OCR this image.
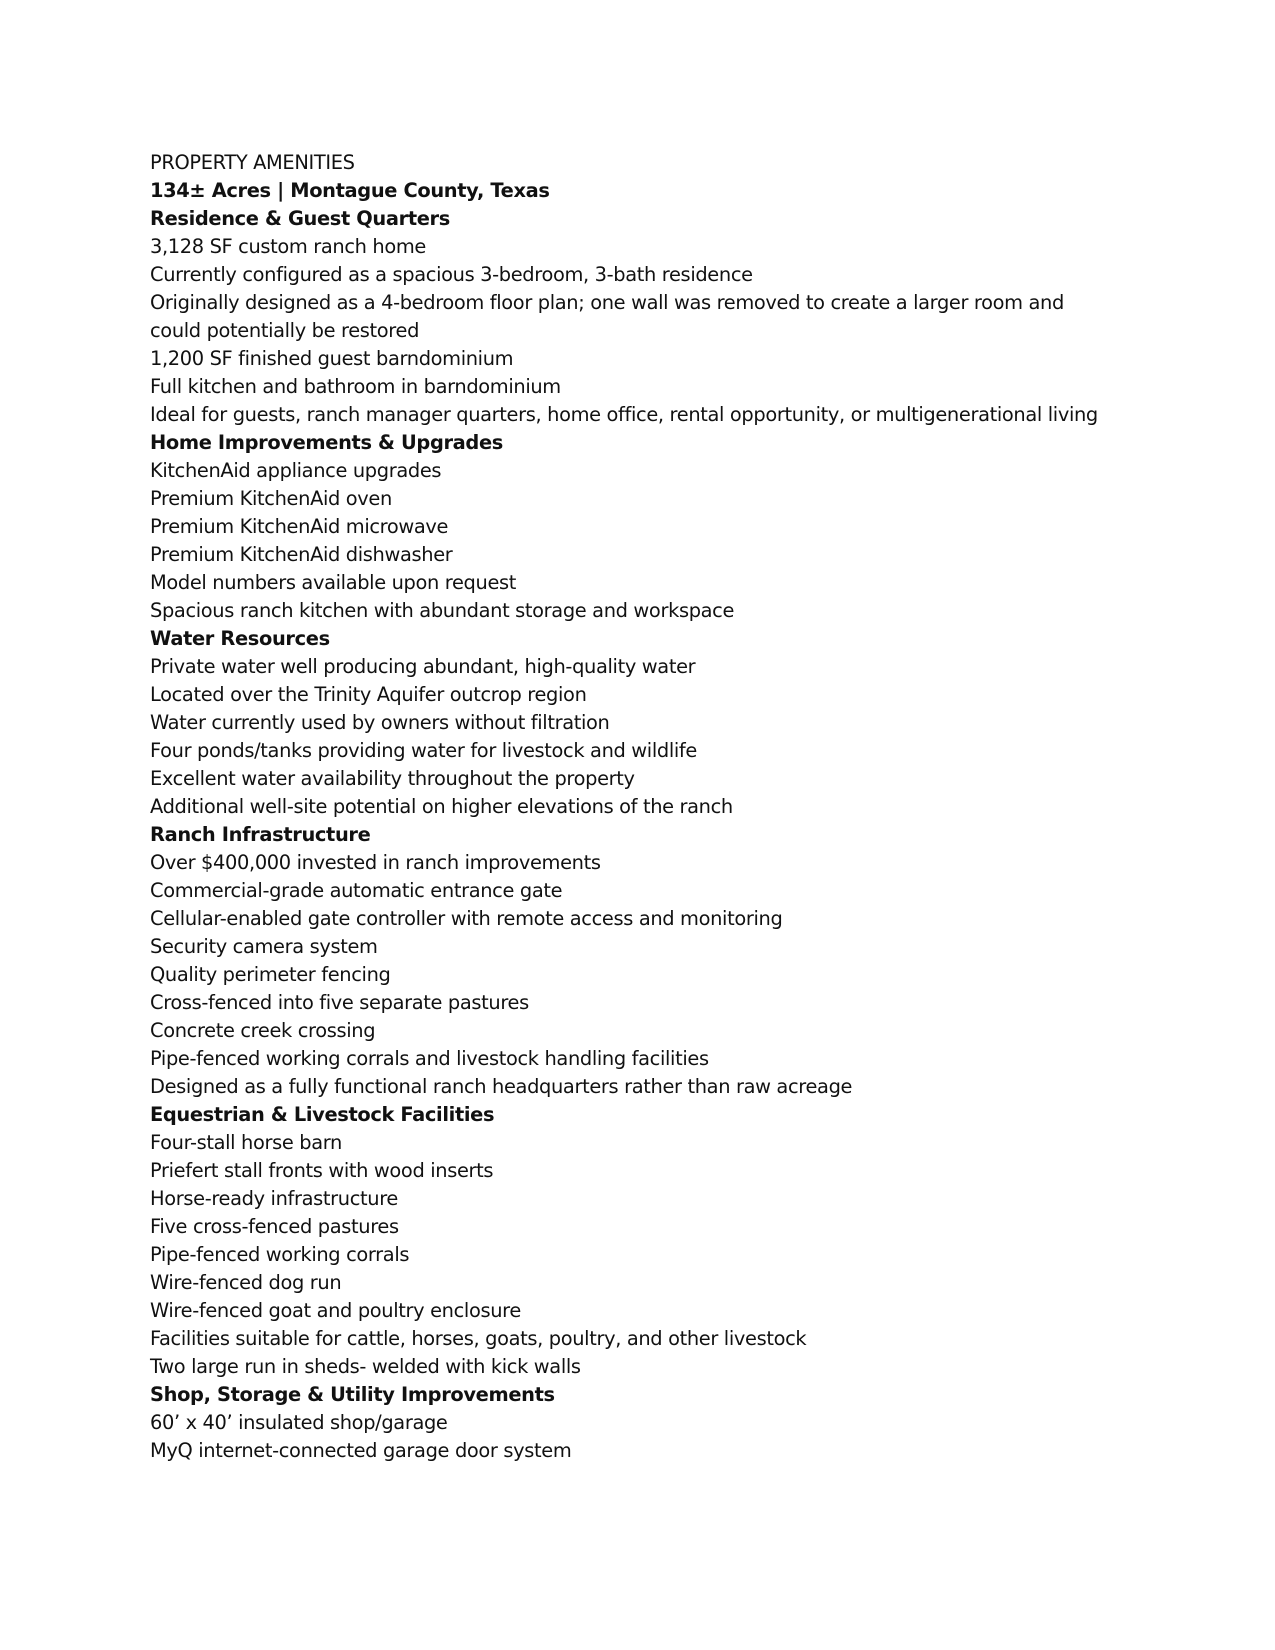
PROPERTY AMENITIES

134± Acres | Montague County, Texas

Residence & Guest Quarters

3,128 SF custom ranch home

Currently configured as a spacious 3-bedroom, 3-bath residence

Originally designed as a 4-bedroom floor plan; one wall was removed to create a larger room and could potentially be restored

1,200 SF finished guest barndominium

Full kitchen and bathroom in barndominium

Ideal for guests, ranch manager quarters, home office, rental opportunity, or multigenerational living

Home Improvements & Upgrades

KitchenAid appliance upgrades

Premium KitchenAid oven

Premium KitchenAid microwave

Premium KitchenAid dishwasher

Model numbers available upon request

Spacious ranch kitchen with abundant storage and workspace

Water Resources

Private water well producing abundant, high-quality water

Located over the Trinity Aquifer outcrop region

Water currently used by owners without filtration

Four ponds/tanks providing water for livestock and wildlife

Excellent water availability throughout the property

Additional well-site potential on higher elevations of the ranch

Ranch Infrastructure

Over $400,000 invested in ranch improvements

Commercial-grade automatic entrance gate

Cellular-enabled gate controller with remote access and monitoring

Security camera system

Quality perimeter fencing

Cross-fenced into five separate pastures

Concrete creek crossing

Pipe-fenced working corrals and livestock handling facilities

Designed as a fully functional ranch headquarters rather than raw acreage

Equestrian & Livestock Facilities

Four-stall horse barn

Priefert stall fronts with wood inserts

Horse-ready infrastructure

Five cross-fenced pastures

Pipe-fenced working corrals

Wire-fenced dog run

Wire-fenced goat and poultry enclosure

Facilities suitable for cattle, horses, goats, poultry, and other livestock

Two large run in sheds- welded with kick walls

Shop, Storage & Utility Improvements

60’ x 40’ insulated shop/garage

MyQ internet-connected garage door system
